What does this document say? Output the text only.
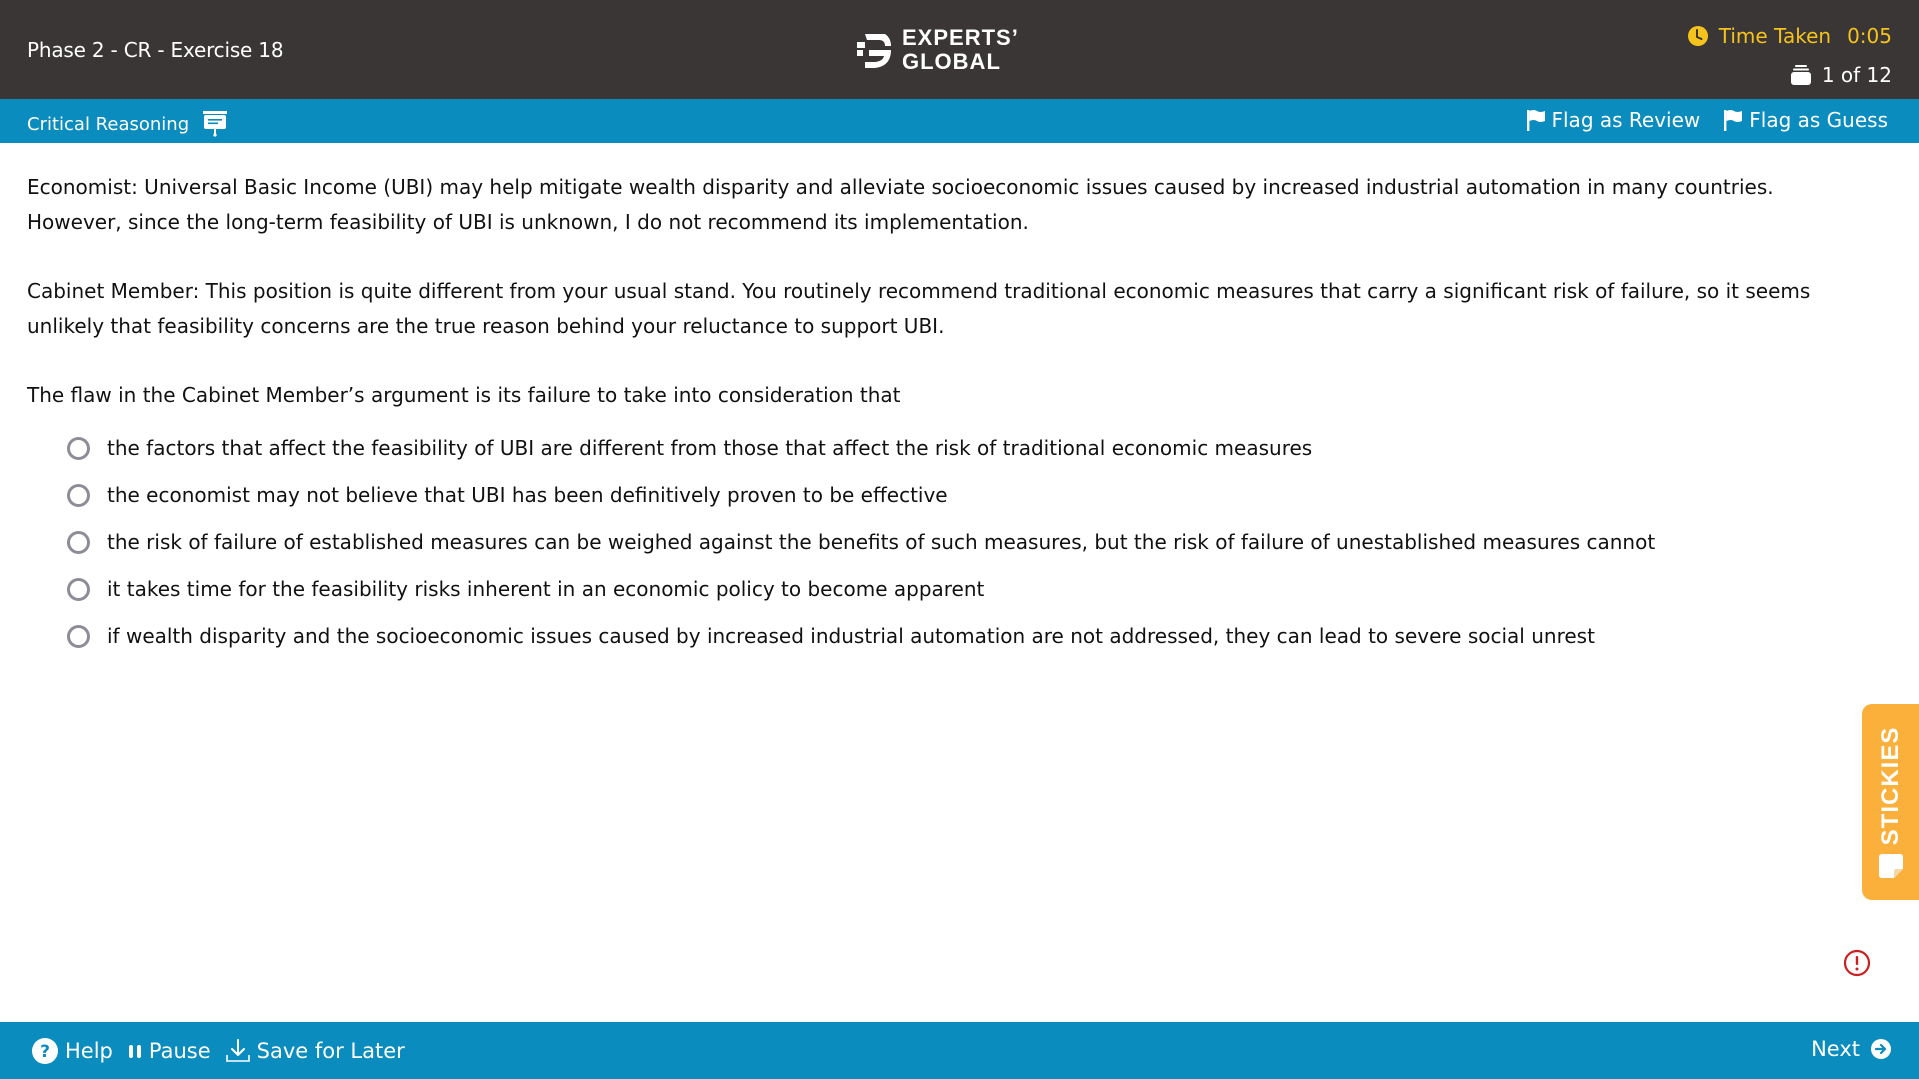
Phase 2 - CR - Exercise 18	EXPERTS’
GLOBAL
Time Taken 0:05
1 of 12
Critical Reasoning	Flag as Review Flag as Guess

Economist: Universal Basic Income (UBI) may help mitigate wealth disparity and alleviate socioeconomic issues caused by increased industrial automation in many countries. However, since the long-term feasibility of UBI is unknown, I do not recommend its implementation.

Cabinet Member: This position is quite different from your usual stand. You routinely recommend traditional economic measures that carry a significant risk of failure, so it seems unlikely that feasibility concerns are the true reason behind your reluctance to support UBI.

The flaw in the Cabinet Member’s argument is its failure to take into consideration that

the factors that affect the feasibility of UBI are different from those that affect the risk of traditional economic measures
the economist may not believe that UBI has been definitively proven to be effective
the risk of failure of established measures can be weighed against the benefits of such measures, but the risk of failure of unestablished measures cannot
it takes time for the feasibility risks inherent in an economic policy to become apparent
if wealth disparity and the socioeconomic issues caused by increased industrial automation are not addressed, they can lead to severe social unrest
STICKIES
? Help Pause Save for Later	Next
